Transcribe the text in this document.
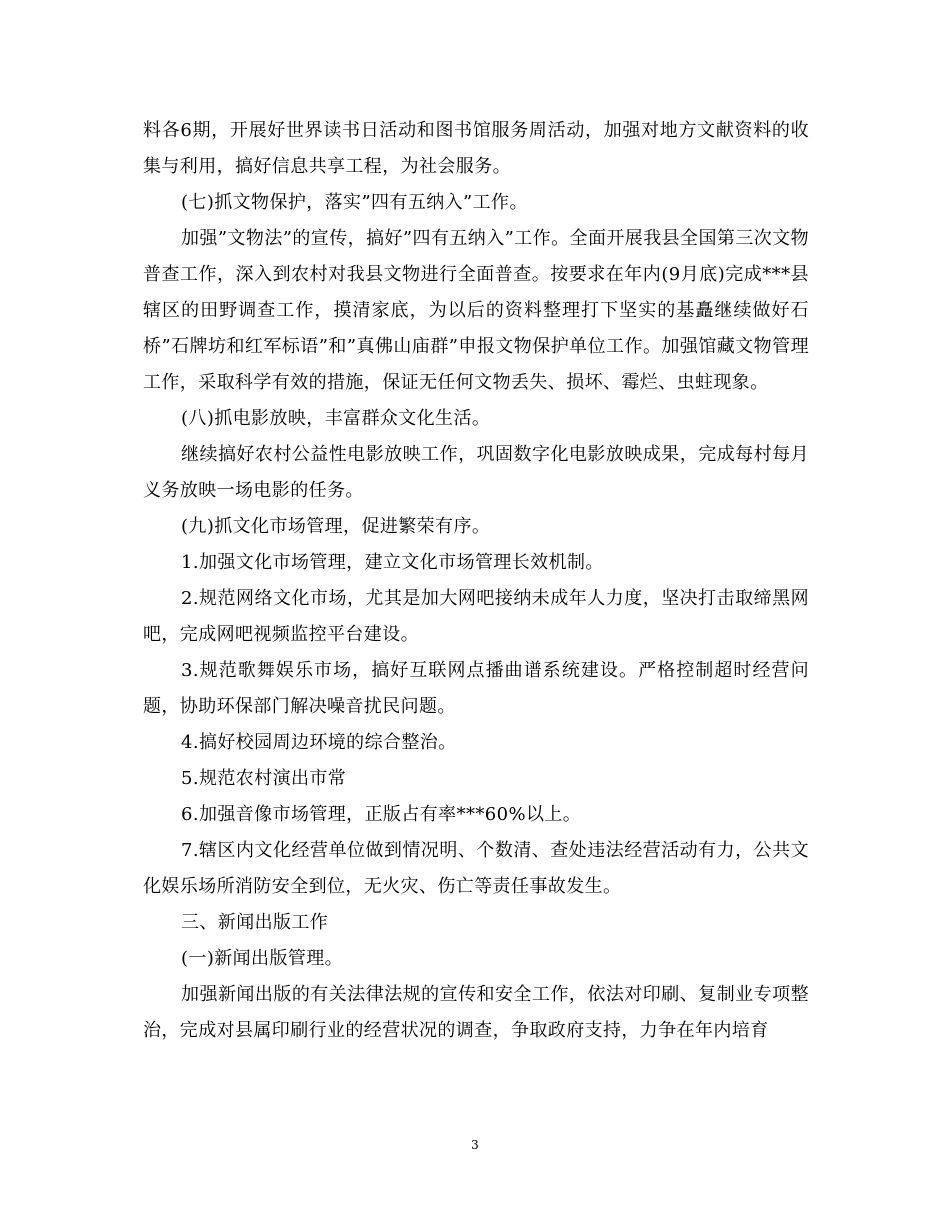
料各6期，开展好世界读书日活动和图书馆服务周活动，加强对地方文献资料的收集与利用，搞好信息共享工程，为社会服务。

(七)抓文物保护，落实”四有五纳入”工作。

加强”文物法”的宣传，搞好”四有五纳入”工作。全面开展我县全国第三次文物普查工作，深入到农村对我县文物进行全面普查。按要求在年内(9月底)完成***县辖区的田野调查工作，摸清家底，为以后的资料整理打下坚实的基矗继续做好石桥”石牌坊和红军标语”和”真佛山庙群”申报文物保护单位工作。加强馆藏文物管理工作，采取科学有效的措施，保证无任何文物丢失、损坏、霉烂、虫蛀现象。

(八)抓电影放映，丰富群众文化生活。

继续搞好农村公益性电影放映工作，巩固数字化电影放映成果，完成每村每月义务放映一场电影的任务。

(九)抓文化市场管理，促进繁荣有序。

1.加强文化市场管理，建立文化市场管理长效机制。

2.规范网络文化市场，尤其是加大网吧接纳未成年人力度，坚决打击取缔黑网吧，完成网吧视频监控平台建设。

3.规范歌舞娱乐市场，搞好互联网点播曲谱系统建设。严格控制超时经营问题，协助环保部门解决噪音扰民问题。

4.搞好校园周边环境的综合整治。

5.规范农村演出市常

6.加强音像市场管理，正版占有率***60%以上。

7.辖区内文化经营单位做到情况明、个数清、查处违法经营活动有力，公共文化娱乐场所消防安全到位，无火灾、伤亡等责任事故发生。

三、新闻出版工作

(一)新闻出版管理。

加强新闻出版的有关法律法规的宣传和安全工作，依法对印刷、复制业专项整治，完成对县属印刷行业的经营状况的调查，争取政府支持，力争在年内培育

3
